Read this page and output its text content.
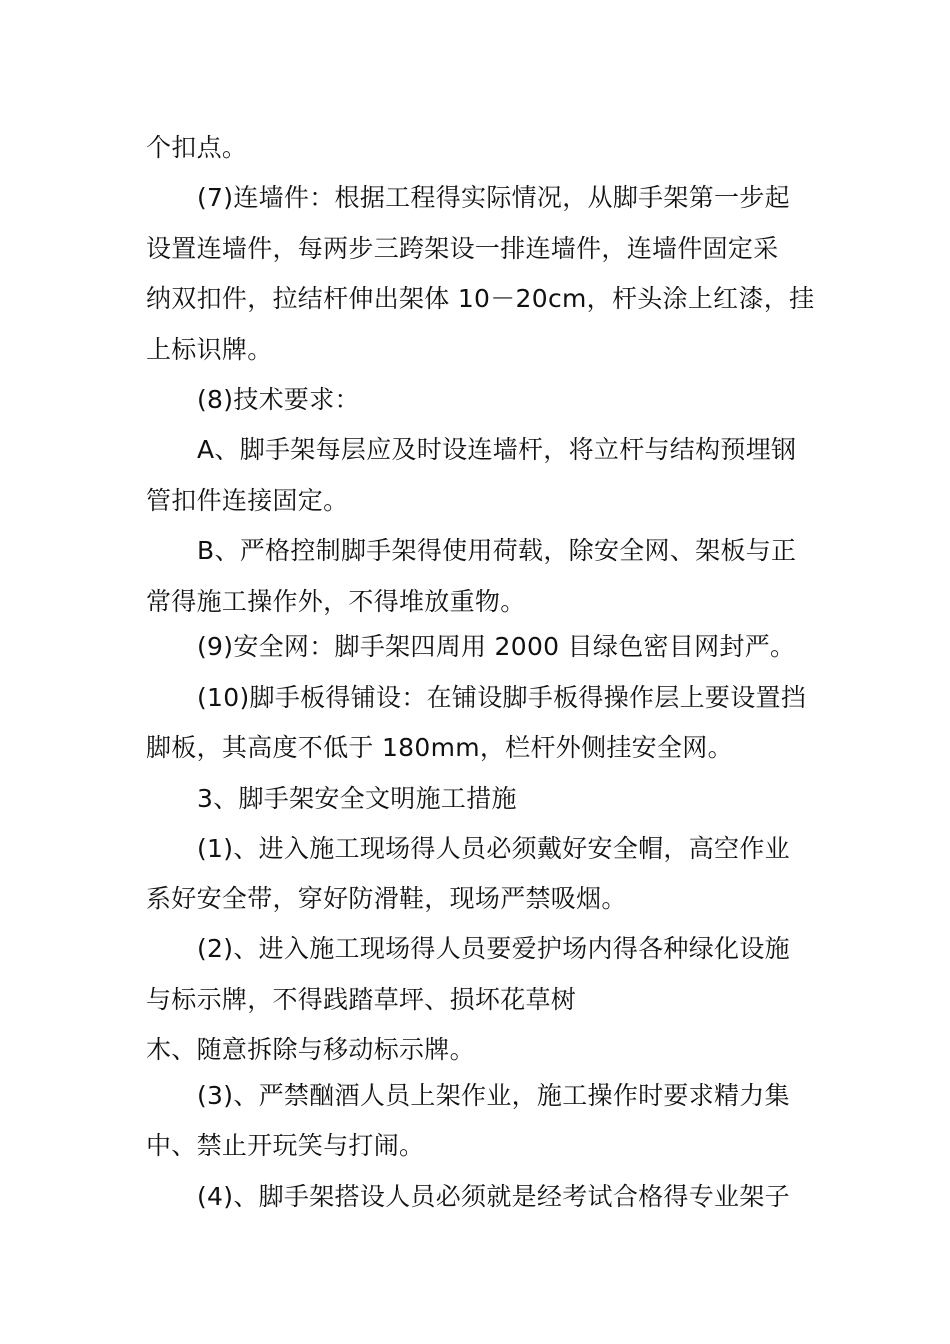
个扣点。
(7)连墙件：根据工程得实际情况，从脚手架第一步起
设置连墙件，每两步三跨架设一排连墙件，连墙件固定采
纳双扣件，拉结杆伸出架体 10－20cm，杆头涂上红漆，挂
上标识牌。
(8)技术要求：
A、脚手架每层应及时设连墙杆，将立杆与结构预埋钢
管扣件连接固定。
B、严格控制脚手架得使用荷载，除安全网、架板与正
常得施工操作外，不得堆放重物。
(9)安全网：脚手架四周用 2000 目绿色密目网封严。
(10)脚手板得铺设：在铺设脚手板得操作层上要设置挡
脚板，其高度不低于 180mm，栏杆外侧挂安全网。
3、脚手架安全文明施工措施
(1)、进入施工现场得人员必须戴好安全帽，高空作业
系好安全带，穿好防滑鞋，现场严禁吸烟。
(2)、进入施工现场得人员要爱护场内得各种绿化设施
与标示牌，不得践踏草坪、损坏花草树
木、随意拆除与移动标示牌。
(3)、严禁酗酒人员上架作业，施工操作时要求精力集
中、禁止开玩笑与打闹。
(4)、脚手架搭设人员必须就是经考试合格得专业架子
